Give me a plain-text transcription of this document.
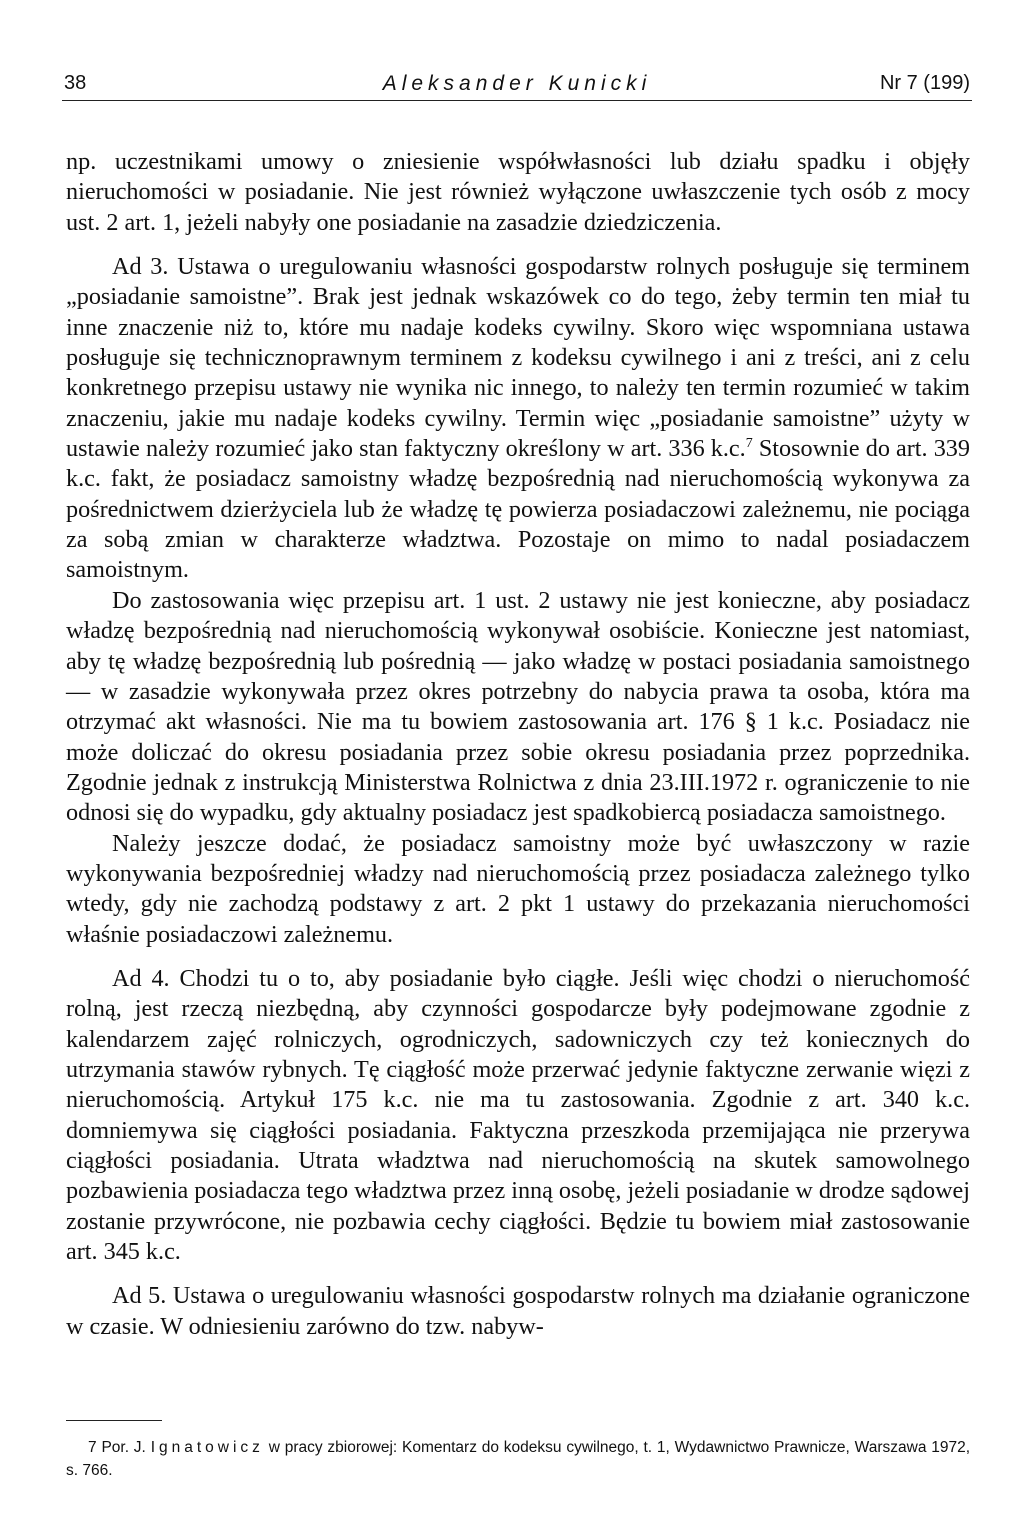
38	Aleksander Kunicki	Nr 7 (199)

np. uczestnikami umowy o zniesienie współwłasności lub działu spadku i objęły nieruchomości w posiadanie. Nie jest również wyłączone uwłaszczenie tych osób z mocy ust. 2 art. 1, jeżeli nabyły one posiadanie na zasadzie dziedziczenia.

Ad 3. Ustawa o uregulowaniu własności gospodarstw rolnych posługuje się terminem „posiadanie samoistne”. Brak jest jednak wskazówek co do tego, żeby termin ten miał tu inne znaczenie niż to, które mu nadaje kodeks cywilny. Skoro więc wspomniana ustawa posługuje się technicznoprawnym terminem z kodeksu cywilnego i ani z treści, ani z celu konkretnego przepisu ustawy nie wynika nic innego, to należy ten termin rozumieć w takim znaczeniu, jakie mu nadaje kodeks cywilny. Termin więc „posiadanie samoistne” użyty w ustawie należy rozumieć jako stan faktyczny określony w art. 336 k.c.$^7$ Stosownie do art. 339 k.c. fakt, że posiadacz samoistny władzę bezpośrednią nad nieruchomością wykonywa za pośrednictwem dzierżyciela lub że władzę tę powierza posiadaczowi zależnemu, nie pociąga za sobą zmian w charakterze władztwa. Pozostaje on mimo to nadal posiadaczem samoistnym.

Do zastosowania więc przepisu art. 1 ust. 2 ustawy nie jest konieczne, aby posiadacz władzę bezpośrednią nad nieruchomością wykonywał osobiście. Konieczne jest natomiast, aby tę władzę bezpośrednią lub pośrednią — jako władzę w postaci posiadania samoistnego — w zasadzie wykonywała przez okres potrzebny do nabycia prawa ta osoba, która ma otrzymać akt własności. Nie ma tu bowiem zastosowania art. 176 § 1 k.c. Posiadacz nie może doliczać do okresu posiadania przez sobie okresu posiadania przez poprzednika. Zgodnie jednak z instrukcją Ministerstwa Rolnictwa z dnia 23.III.1972 r. ograniczenie to nie odnosi się do wypadku, gdy aktualny posiadacz jest spadkobiercą posiadacza samoistnego.

Należy jeszcze dodać, że posiadacz samoistny może być uwłaszczony w razie wykonywania bezpośredniej władzy nad nieruchomością przez posiadacza zależnego tylko wtedy, gdy nie zachodzą podstawy z art. 2 pkt 1 ustawy do przekazania nieruchomości właśnie posiadaczowi zależnemu.

Ad 4. Chodzi tu o to, aby posiadanie było ciągłe. Jeśli więc chodzi o nieruchomość rolną, jest rzeczą niezbędną, aby czynności gospodarcze były podejmowane zgodnie z kalendarzem zajęć rolniczych, ogrodniczych, sadowniczych czy też koniecznych do utrzymania stawów rybnych. Tę ciągłość może przerwać jedynie faktyczne zerwanie więzi z nieruchomością. Artykuł 175 k.c. nie ma tu zastosowania. Zgodnie z art. 340 k.c. domniemywa się ciągłości posiadania. Faktyczna przeszkoda przemijająca nie przerywa ciągłości posiadania. Utrata władztwa nad nieruchomością na skutek samowolnego pozbawienia posiadacza tego władztwa przez inną osobę, jeżeli posiadanie w drodze sądowej zostanie przywrócone, nie pozbawia cechy ciągłości. Będzie tu bowiem miał zastosowanie art. 345 k.c.

Ad 5. Ustawa o uregulowaniu własności gospodarstw rolnych ma działanie ograniczone w czasie. W odniesieniu zarówno do tzw. nabyw-

7 Por. J. Ignatowicz w pracy zbiorowej: Komentarz do kodeksu cywilnego, t. 1, Wydawnictwo Prawnicze, Warszawa 1972, s. 766.
